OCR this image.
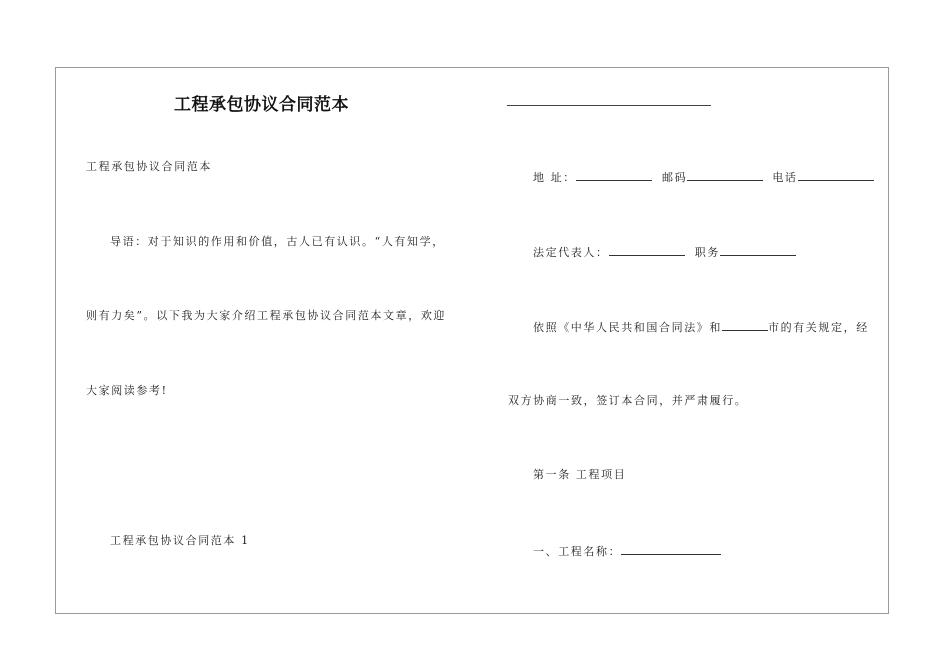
工程承包协议合同范本
工程承包协议合同范本
导语：对于知识的作用和价值，古人已有认识。“人有知学，
则有力矣”。以下我为大家介绍工程承包协议合同范本文章，欢迎
大家阅读参考!
工程承包协议合同范本 1
地 址：	邮码	电话
法定代表人：	职务
依照《中华人民共和国合同法》和	市的有关规定，经
双方协商一致，签订本合同，并严肃履行。
第一条 工程项目
一、工程名称：
